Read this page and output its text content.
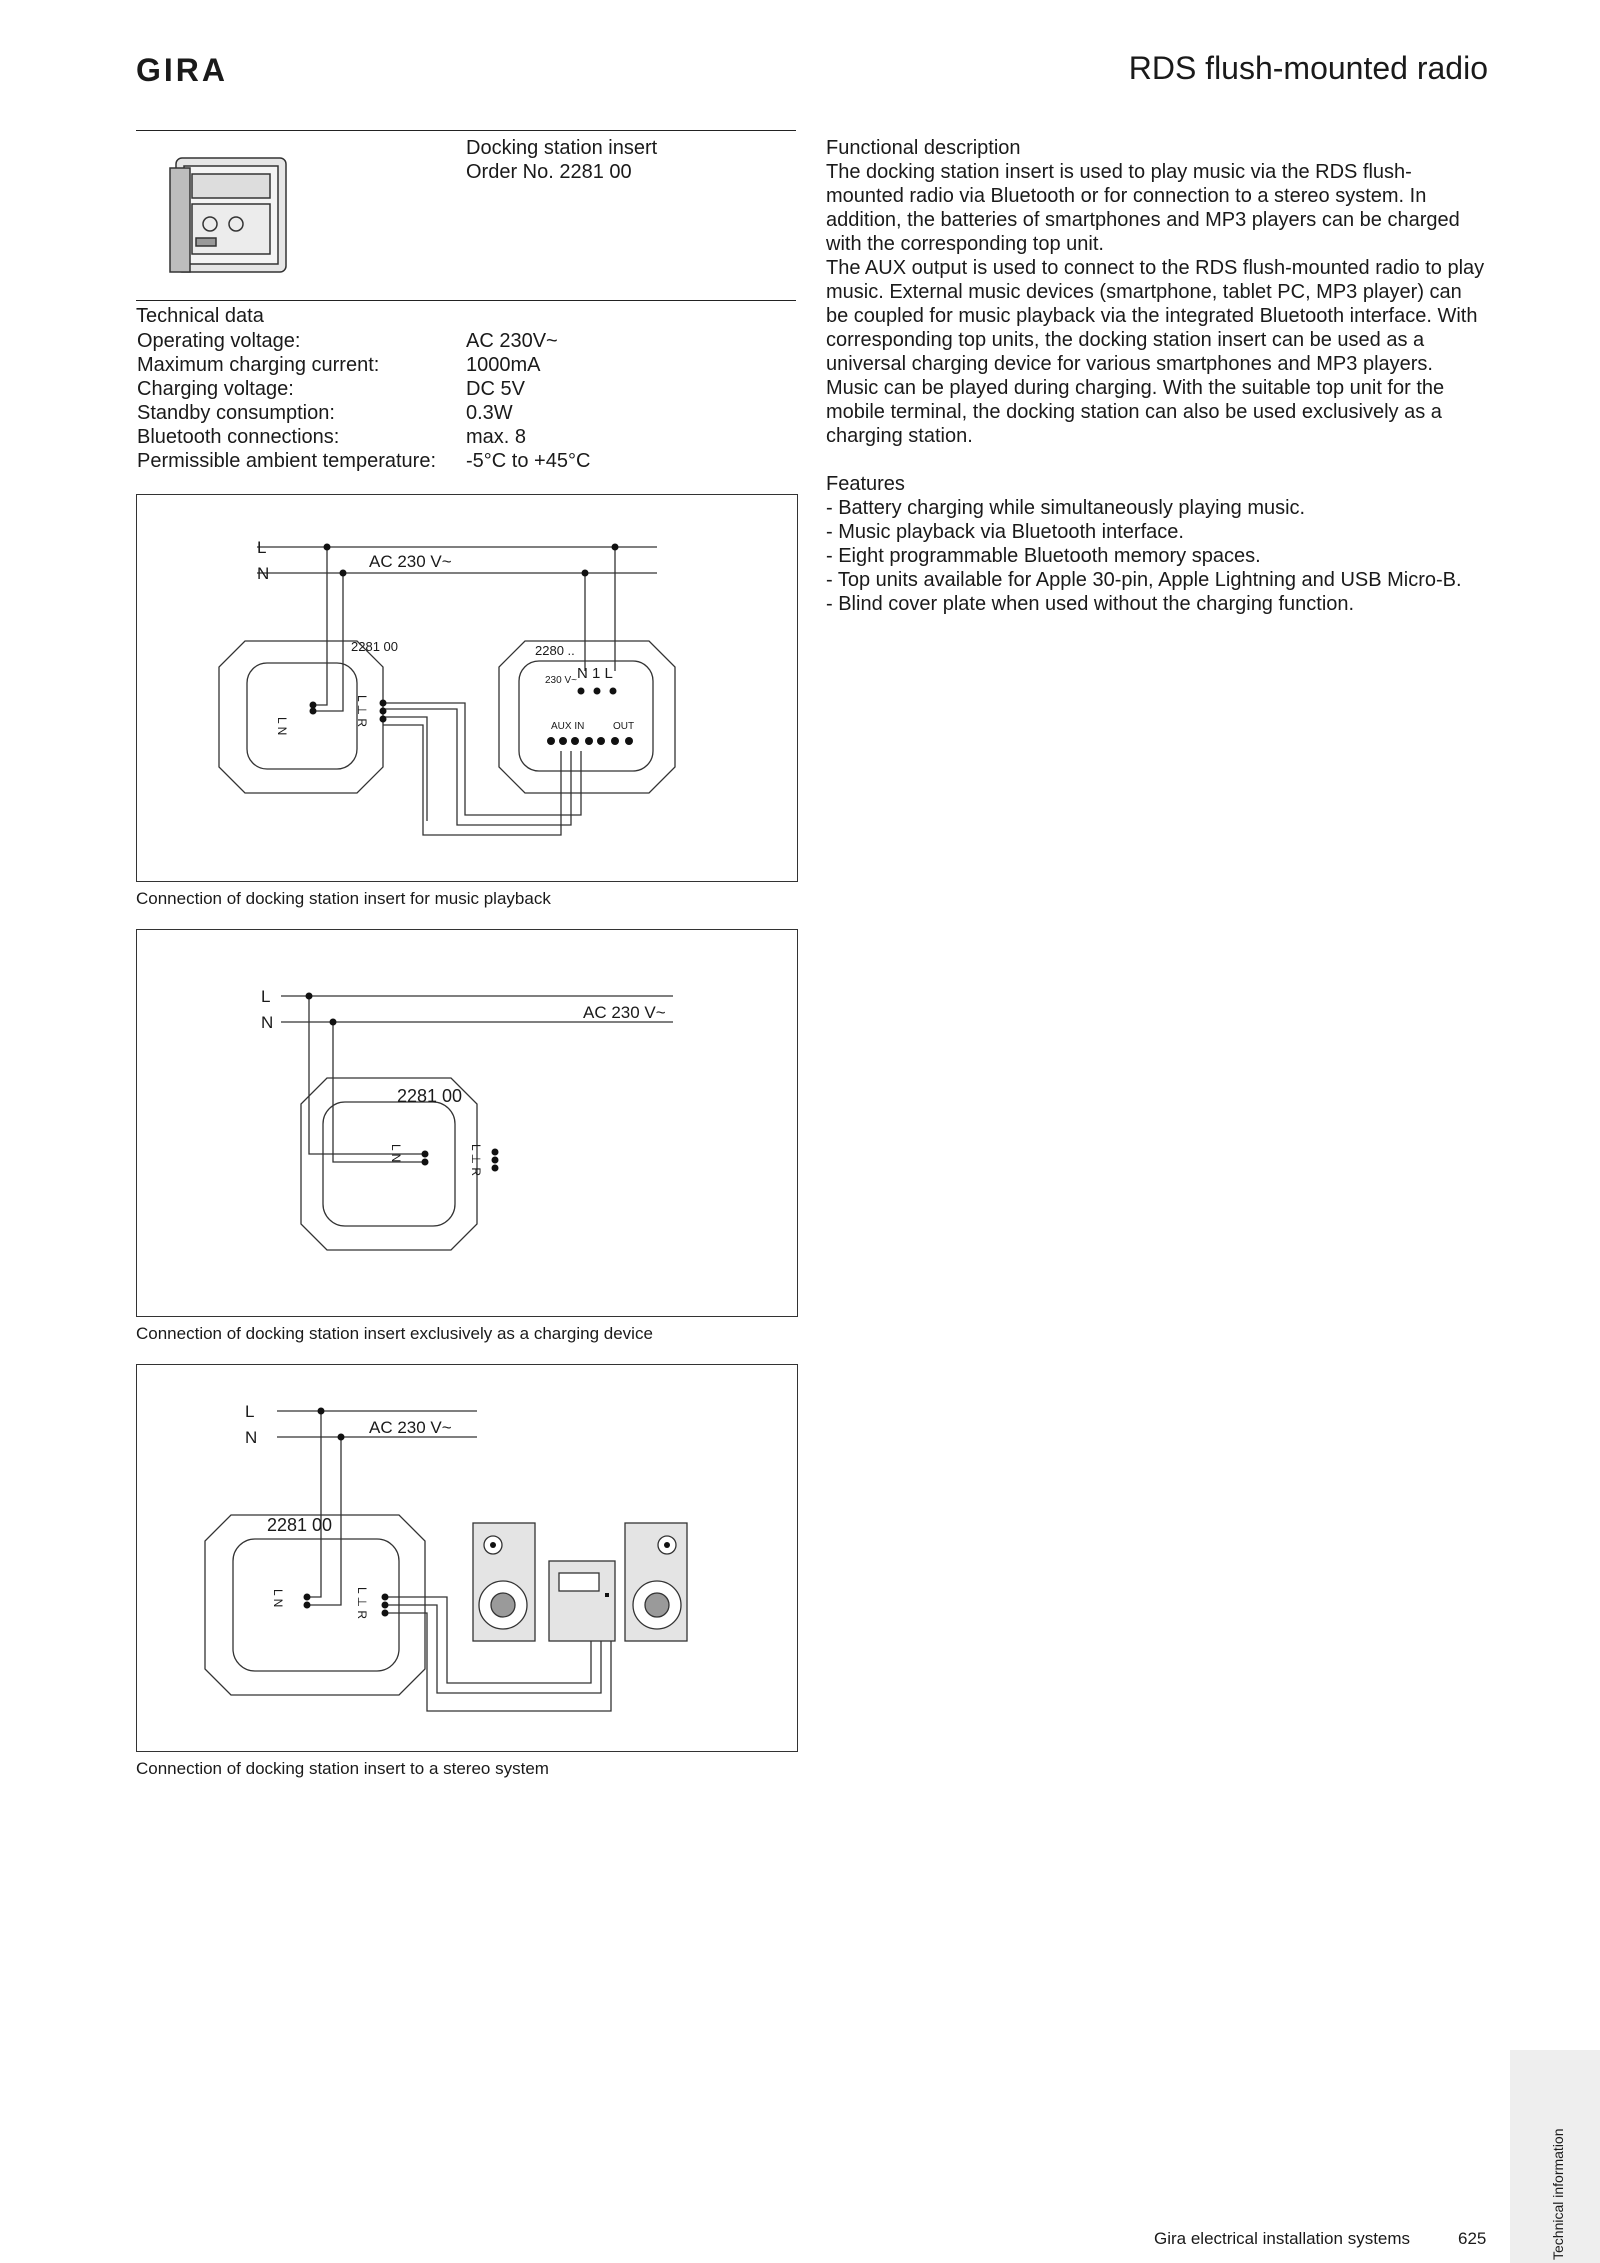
GIRA	RDS flush-mounted radio
Docking station insert
Order No. 2281 00
Technical data
Operating voltage:	AC 230V~
Maximum charging current:	1000mA
Charging voltage:	DC 5V
Standby consumption:	0.3W
Bluetooth connections:	max. 8
Permissible ambient temperature:	-5°C to +45°C

Functional description

The docking station insert is used to play music via the RDS flush-mounted radio via Bluetooth or for connection to a stereo system. In addition, the batteries of smartphones and MP3 players can be charged with the corresponding top unit.

The AUX output is used to connect to the RDS flush-mounted radio to play music. External music devices (smartphone, tablet PC, MP3 player) can be coupled for music playback via the integrated Bluetooth interface. With corresponding top units, the docking station insert can be used as a universal charging device for various smartphones and MP3 players. Music can be played during charging. With the suitable top unit for the mobile terminal, the docking station can also be used exclusively as a charging station.

Features

- Battery charging while simultaneously playing music.
- Music playback via Bluetooth interface.
- Eight programmable Bluetooth memory spaces.
- Top units available for Apple 30-pin, Apple Lightning and USB Micro-B.
- Blind cover plate when used without the charging function.
L
N
AC 230 V~
2281 00
L N	L ⊥ R
2280 ..
230 V~ N 1 L
AUX IN	OUT
Connection of docking station insert for music playback
L
N
AC 230 V~
2281 00
L N	L ⊥ R
Connection of docking station insert exclusively as a charging device
L
N
AC 230 V~
2281 00
L N	L ⊥ R
Connection of docking station insert to a stereo system
Gira electrical installation systems	625	Technical information
